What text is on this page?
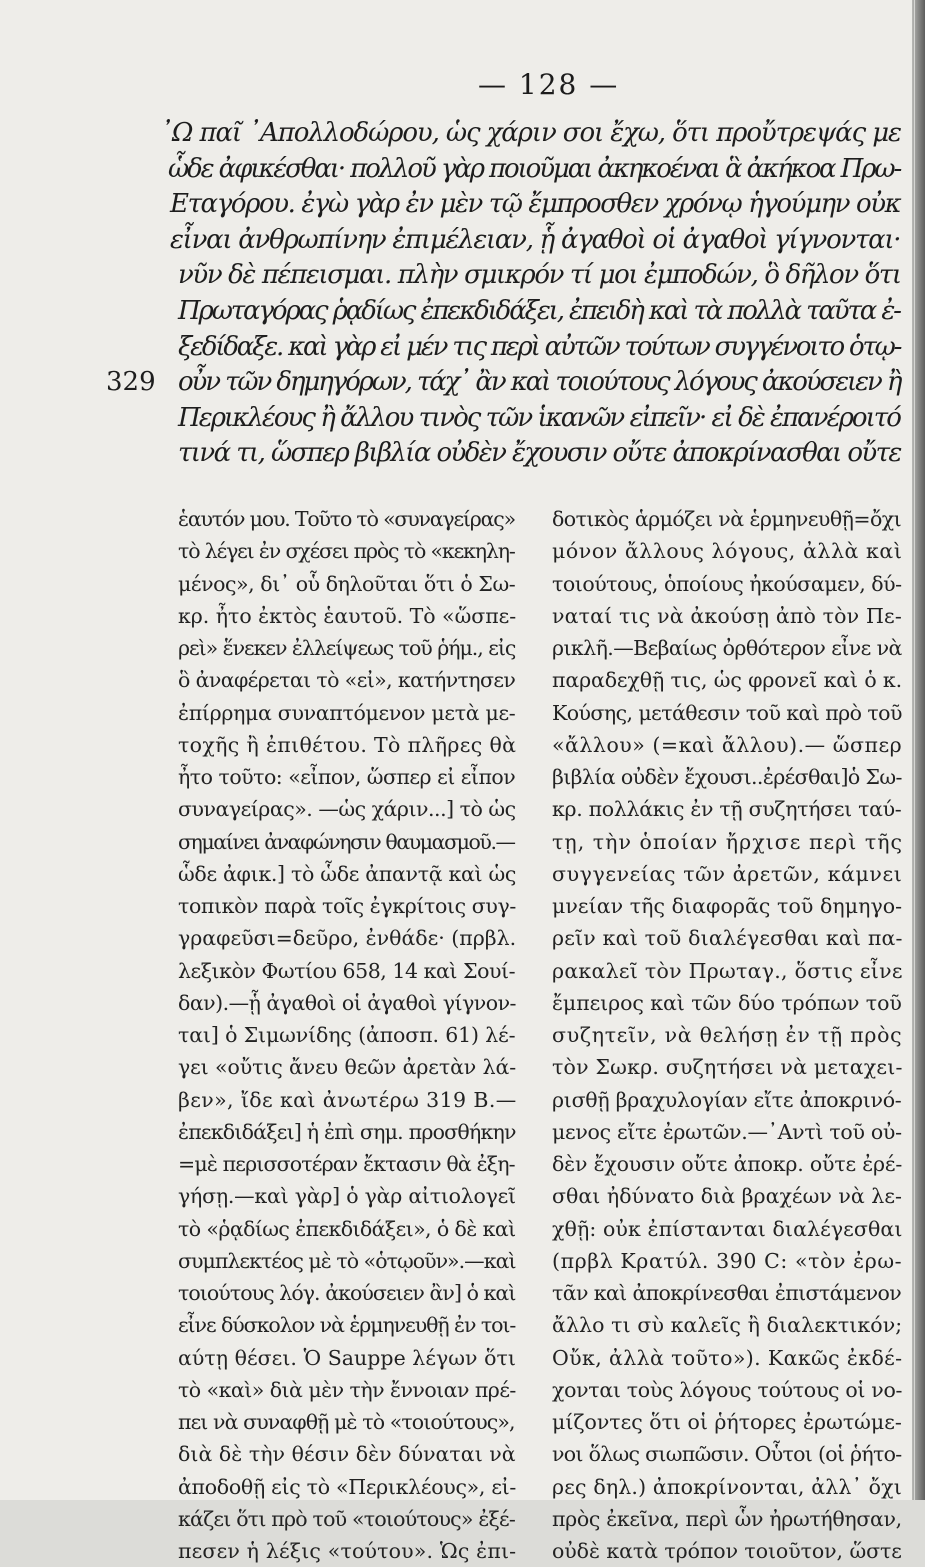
— 128 —
᾿Ω παῖ ᾿Απολλοδώρου, ὡς χάριν σοι ἔχω, ὅτι προὔτρεψάς με
ὧδε ἀφικέσθαι· πολλοῦ γὰρ ποιοῦμαι ἀκηκοέναι ἃ ἀκήκοα Πρω-
Εταγόρου. ἐγὼ γὰρ ἐν μὲν τῷ ἔμπροσθεν χρόνῳ ἡγούμην οὐκ
εἶναι ἀνθρωπίνην ἐπιμέλειαν, ᾗ ἀγαθοὶ οἱ ἀγαθοὶ γίγνονται·
νῦν δὲ πέπεισμαι. πλὴν σμικρόν τί μοι ἐμποδών, ὃ δῆλον ὅτι
Πρωταγόρας ῥᾳδίως ἐπεκδιδάξει, ἐπειδὴ καὶ τὰ πολλὰ ταῦτα ἐ-
ξεδίδαξε. καὶ γὰρ εἰ μέν τις περὶ αὐτῶν τούτων συγγένοιτο ὁτῳ-
329 οὖν τῶν δημηγόρων, τάχ᾿ ἂν καὶ τοιούτους λόγους ἀκούσειεν ἢ
Περικλέους ἢ ἄλλου τινὸς τῶν ἱκανῶν εἰπεῖν· εἰ δὲ ἐπανέροιτό
τινά τι, ὥσπερ βιβλία οὐδὲν ἔχουσιν οὔτε ἀποκρίνασθαι οὔτε
ἑαυτόν μου. Τοῦτο τὸ «συναγείρας»
τὸ λέγει ἐν σχέσει πρὸς τὸ «κεκηλη-
μένος», δι᾿ οὗ δηλοῦται ὅτι ὁ Σω-
κρ. ἦτο ἐκτὸς ἑαυτοῦ. Τὸ «ὥσπε-
ρεὶ» ἕνεκεν ἐλλείψεως τοῦ ῥήμ., εἰς
ὃ ἀναφέρεται τὸ «εἰ», κατήντησεν
ἐπίρρημα συναπτόμενον μετὰ με-
τοχῆς ἢ ἐπιθέτου. Τὸ πλῆρες θὰ
ἦτο τοῦτο: «εἶπον, ὥσπερ εἰ εἶπον
συναγείρας». —ὡς χάριν...] τὸ ὡς
σημαίνει ἀναφώνησιν θαυμασμοῦ.—
ὧδε ἀφικ.] τὸ ὧδε ἀπαντᾷ καὶ ὡς
τοπικὸν παρὰ τοῖς ἐγκρίτοις συγ-
γραφεῦσι=δεῦρο, ἐνθάδε· (πρβλ.
λεξικὸν Φωτίου 658, 14 καὶ Σουί-
δαν).—ᾗ ἀγαθοὶ οἱ ἀγαθοὶ γίγνον-
ται] ὁ Σιμωνίδης (ἀποσπ. 61) λέ-
γει «οὔτις ἄνευ θεῶν ἀρετὰν λά-
βεν», ἴδε καὶ ἀνωτέρω 319 Β.—
ἐπεκδιδάξει] ἡ ἐπὶ σημ. προσθήκην
=μὲ περισσοτέραν ἔκτασιν θὰ ἐξη-
γήσῃ.—καὶ γὰρ] ὁ γὰρ αἰτιολογεῖ
τὸ «ῥᾳδίως ἐπεκδιδάξει», ὁ δὲ καὶ
συμπλεκτέος μὲ τὸ «ὁτῳοῦν».—καὶ
τοιούτους λόγ. ἀκούσειεν ἂν] ὁ καὶ
εἶνε δύσκολον νὰ ἑρμηνευθῇ ἐν τοι-
αύτῃ θέσει. Ὁ Sauppe λέγων ὅτι
τὸ «καὶ» διὰ μὲν τὴν ἔννοιαν πρέ-
πει νὰ συναφθῇ μὲ τὸ «τοιούτους»,
διὰ δὲ τὴν θέσιν δὲν δύναται νὰ
ἀποδοθῇ εἰς τὸ «Περικλέους», εἰ-
κάζει ὅτι πρὸ τοῦ «τοιούτους» ἐξέ-
πεσεν ἡ λέξις «τούτου». Ὡς ἐπι-
δοτικὸς ἁρμόζει νὰ ἑρμηνευθῇ=ὄχι
μόνον ἄλλους λόγους, ἀλλὰ καὶ
τοιούτους, ὁποίους ἠκούσαμεν, δύ-
ναταί τις νὰ ἀκούσῃ ἀπὸ τὸν Πε-
ρικλῆ.—Βεβαίως ὀρθότερον εἶνε νὰ
παραδεχθῇ τις, ὡς φρονεῖ καὶ ὁ κ.
Κούσης, μετάθεσιν τοῦ καὶ πρὸ τοῦ
«ἄλλου» (=καὶ ἄλλου).— ὥσπερ
βιβλία οὐδὲν ἔχουσι..ἐρέσθαι]ὁ Σω-
κρ. πολλάκις ἐν τῇ συζητήσει ταύ-
τῃ, τὴν ὁποίαν ἤρχισε περὶ τῆς
συγγενείας τῶν ἀρετῶν, κάμνει
μνείαν τῆς διαφορᾶς τοῦ δημηγο-
ρεῖν καὶ τοῦ διαλέγεσθαι καὶ πα-
ρακαλεῖ τὸν Πρωταγ., ὅστις εἶνε
ἔμπειρος καὶ τῶν δύο τρόπων τοῦ
συζητεῖν, νὰ θελήσῃ ἐν τῇ πρὸς
τὸν Σωκρ. συζητήσει νὰ μεταχει-
ρισθῇ βραχυλογίαν εἴτε ἀποκρινό-
μενος εἴτε ἐρωτῶν.—᾿Αντὶ τοῦ οὐ-
δὲν ἔχουσιν οὔτε ἀποκρ. οὔτε ἐρέ-
σθαι ἠδύνατο διὰ βραχέων νὰ λε-
χθῇ: οὐκ ἐπίστανται διαλέγεσθαι
(πρβλ Κρατύλ. 390 C: «τὸν ἐρω-
τᾶν καὶ ἀποκρίνεσθαι ἐπιστάμενον
ἄλλο τι σὺ καλεῖς ἢ διαλεκτικόν;
Οὔκ, ἀλλὰ τοῦτο»). Κακῶς ἐκδέ-
χονται τοὺς λόγους τούτους οἱ νο-
μίζοντες ὅτι οἱ ῥήτορες ἐρωτώμε-
νοι ὅλως σιωπῶσιν. Οὗτοι (οἱ ῥήτο-
ρες δηλ.) ἀποκρίνονται, ἀλλ᾿ ὄχι
πρὸς ἐκεῖνα, περὶ ὧν ἠρωτήθησαν,
οὐδὲ κατὰ τρόπον τοιοῦτον, ὥστε
